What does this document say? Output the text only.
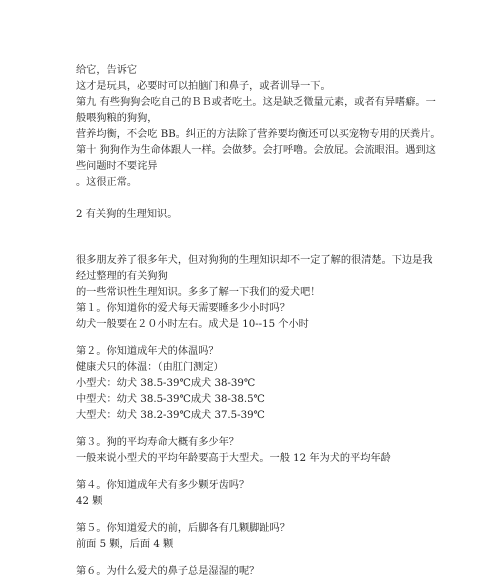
给它，告诉它
这才是玩具，必要时可以拍脑门和鼻子，或者训导一下。
第九 有些狗狗会吃自己的ＢＢ或者吃土。这是缺乏微量元素，或者有异嗜癖。一般喂狗粮的狗狗，
营养均衡，不会吃 BB。纠正的方法除了营养要均衡还可以买宠物专用的厌粪片。
第十 狗狗作为生命体跟人一样。会做梦。会打呼噜。会放屁。会流眼泪。遇到这些问题时不要诧异
。这很正常。
2 有关狗的生理知识。
很多朋友养了很多年犬，但对狗狗的生理知识却不一定了解的很清楚。下边是我经过整理的有关狗狗
的一些常识性生理知识。多多了解一下我们的爱犬吧！
第１。你知道你的爱犬每天需要睡多少小时吗？
幼犬一般要在２０小时左右。成犬是 10--15 个小时
第２。你知道成年犬的体温吗？
健康犬只的体温：（由肛门测定）
小型犬：幼犬 38.5-39℃成犬 38-39℃
中型犬：幼犬 38.5-39℃成犬 38-38.5℃
大型犬：幼犬 38.2-39℃成犬 37.5-39℃
第３。狗的平均寿命大概有多少年？
一般来说小型犬的平均年龄要高于大型犬。一般 12 年为犬的平均年龄
第４。你知道成年犬有多少颗牙齿吗？
42 颗
第５。你知道爱犬的前，后脚各有几颗脚趾吗？
前面 5 颗，后面 4 颗
第６。为什么爱犬的鼻子总是湿湿的呢？
